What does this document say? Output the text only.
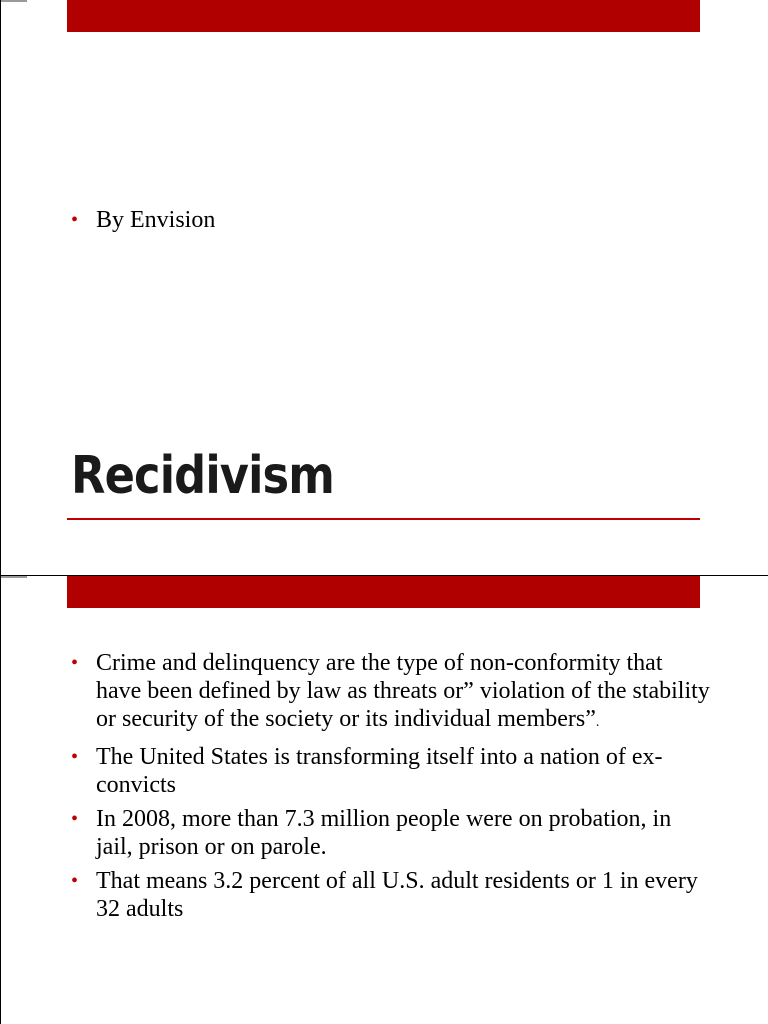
• By Envision
Recidivism
• Crime and delinquency are the type of non-conformity that have been defined by law as threats or” violation of the stability or security of the society or its individual members”.
• The United States is transforming itself into a nation of ex-convicts
• In 2008, more than 7.3 million people were on probation, in jail, prison or on parole.
• That means 3.2 percent of all U.S. adult residents or 1 in every 32 adults
